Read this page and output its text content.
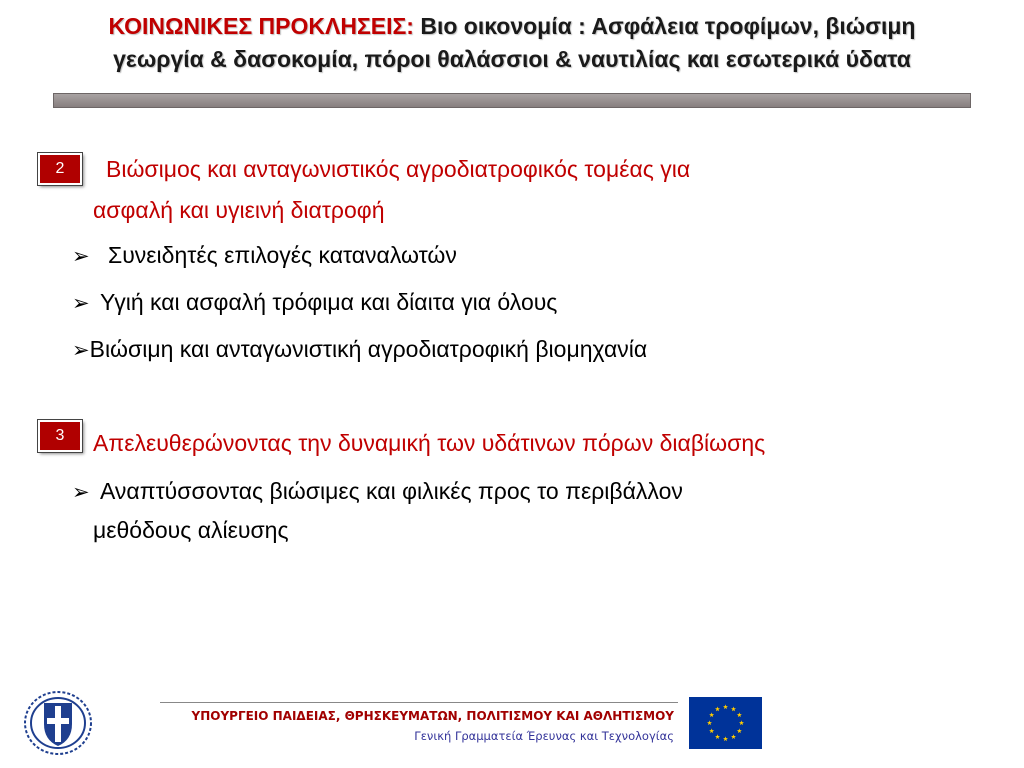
ΚΟΙΝΩΝΙΚΕΣ ΠΡΟΚΛΗΣΕΙΣ: Βιο οικονομία : Ασφάλεια τροφίμων, βιώσιμη
γεωργία & δασοκομία, πόροι θαλάσσιοι & ναυτιλίας και εσωτερικά ύδατα
2	Βιώσιμος και ανταγωνιστικός αγροδιατροφικός τομέας για
ασφαλή και υγιεινή διατροφή
➢ Συνειδητές επιλογές καταναλωτών
➢ Υγιή και ασφαλή τρόφιμα και δίαιτα για όλους
➢Βιώσιμη και ανταγωνιστική αγροδιατροφική βιομηχανία
3	Απελευθερώνοντας την δυναμική των υδάτινων πόρων διαβίωσης
➢ Αναπτύσσοντας βιώσιμες και φιλικές προς το περιβάλλον
μεθόδους αλίευσης
ΥΠΟΥΡΓΕΙΟ ΠΑΙΔΕΙΑΣ, ΘΡΗΣΚΕΥΜΑΤΩΝ, ΠΟΛΙΤΙΣΜΟΥ ΚΑΙ ΑΘΛΗΤΙΣΜΟΥ
Γενική Γραμματεία Έρευνας και Τεχνολογίας
